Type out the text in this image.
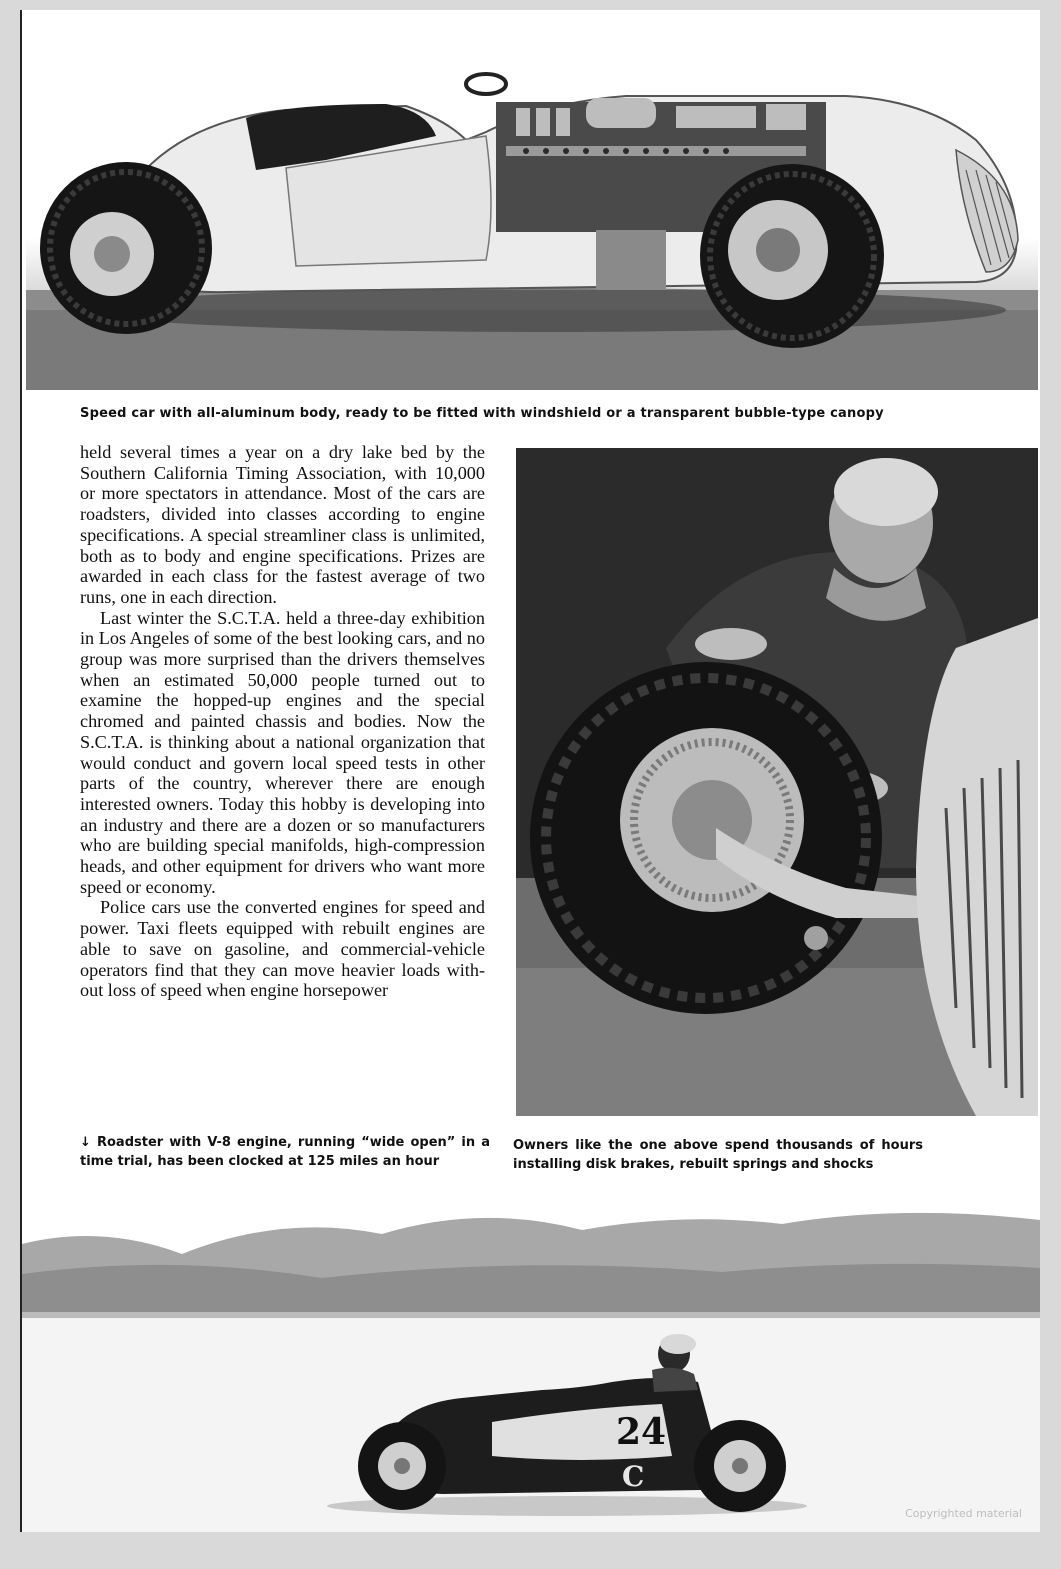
Speed car with all-aluminum body, ready to be fitted with windshield or a transparent bubble-type canopy

held several times a year on a dry lake bed by the Southern California Timing Association, with 10,000 or more spectators in attendance. Most of the cars are roadsters, divided into classes according to engine specifications. A special streamliner class is unlimited, both as to body and engine specifications. Prizes are awarded in each class for the fastest average of two runs, one in each direction.

Last winter the S.C.T.A. held a three-day exhibition in Los Angeles of some of the best looking cars, and no group was more surprised than the drivers themselves when an estimated 50,000 people turned out to examine the hopped-up engines and the special chromed and painted chassis and bodies. Now the S.C.T.A. is thinking about a national organization that would conduct and govern local speed tests in other parts of the country, wherever there are enough interested owners. Today this hobby is developing into an industry and there are a dozen or so manufacturers who are building special manifolds, high-compression heads, and other equipment for drivers who want more speed or economy.

Police cars use the converted engines for speed and power. Taxi fleets equipped with rebuilt engines are able to save on gasoline, and commercial-vehicle operators find that they can move heavier loads without loss of speed when engine horsepower

↓ Roadster with V-8 engine, running “wide open” in a time trial, has been clocked at 125 miles an hour
Owners like the one above spend thousands of hours installing disk brakes, rebuilt springs and shocks
24
C
Copyrighted material
